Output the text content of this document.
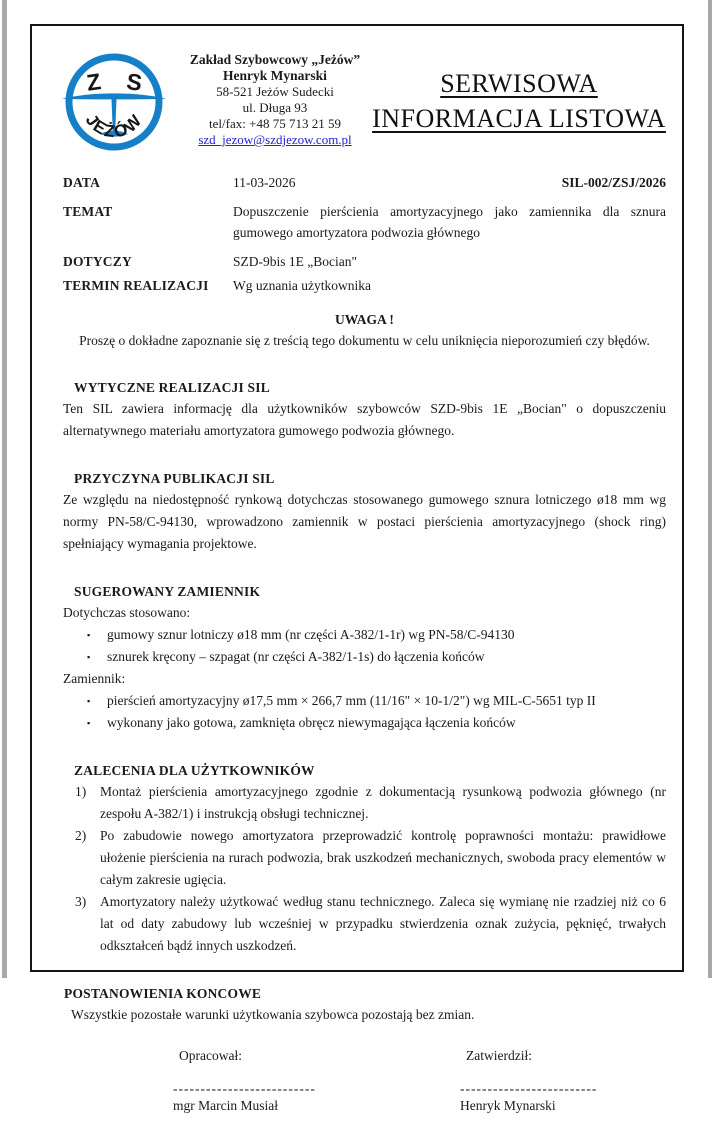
Z S
JEŻÓW
Zakład Szybowcowy „Jeżów”
Henryk Mynarski
58-521 Jeżów Sudecki
ul. Długa 93
tel/fax: +48 75 713 21 59
szd_jezow@szdjezow.com.pl
SERWISOWA
INFORMACJA LISTOWA
DATA	11-03-2026	SIL-002/ZSJ/2026
TEMAT	Dopuszczenie pierścienia amortyzacyjnego jako zamiennika dla sznura gumowego amortyzatora podwozia głównego
DOTYCZY	SZD-9bis 1E „Bocian"
TERMIN REALIZACJI	Wg uznania użytkownika
UWAGA !
Proszę o dokładne zapoznanie się z treścią tego dokumentu w celu uniknięcia nieporozumień czy błędów.
WYTYCZNE REALIZACJI SIL
Ten SIL zawiera informację dla użytkowników szybowców SZD-9bis 1E „Bocian" o dopuszczeniu alternatywnego materiału amortyzatora gumowego podwozia głównego.
PRZYCZYNA PUBLIKACJI SIL
Ze względu na niedostępność rynkową dotychczas stosowanego gumowego sznura lotniczego ø18 mm wg normy PN-58/C-94130, wprowadzono zamiennik w postaci pierścienia amortyzacyjnego (shock ring) spełniający wymagania projektowe.
SUGEROWANY ZAMIENNIK
Dotychczas stosowano:
▪	gumowy sznur lotniczy ø18 mm (nr części A-382/1-1r) wg PN-58/C-94130
▪	sznurek kręcony – szpagat (nr części A-382/1-1s) do łączenia końców
Zamiennik:
▪	pierścień amortyzacyjny ø17,5 mm × 266,7 mm (11/16" × 10-1/2") wg MIL-C-5651 typ II
▪	wykonany jako gotowa, zamknięta obręcz niewymagająca łączenia końców
ZALECENIA DLA UŻYTKOWNIKÓW
1)	Montaż pierścienia amortyzacyjnego zgodnie z dokumentacją rysunkową podwozia głównego (nr zespołu A-382/1) i instrukcją obsługi technicznej.
2)	Po zabudowie nowego amortyzatora przeprowadzić kontrolę poprawności montażu: prawidłowe ułożenie pierścienia na rurach podwozia, brak uszkodzeń mechanicznych, swoboda pracy elementów w całym zakresie ugięcia.
3)	Amortyzatory należy użytkować według stanu technicznego. Zaleca się wymianę nie rzadziej niż co 6 lat od daty zabudowy lub wcześniej w przypadku stwierdzenia oznak zużycia, pęknięć, trwałych odkształceń bądź innych uszkodzeń.
POSTANOWIENIA KONCOWE
Wszystkie pozostałe warunki użytkowania szybowca pozostają bez zmian.
Opracował:
--------------------------
mgr Marcin Musiał
Zatwierdził:
-------------------------
Henryk Mynarski
